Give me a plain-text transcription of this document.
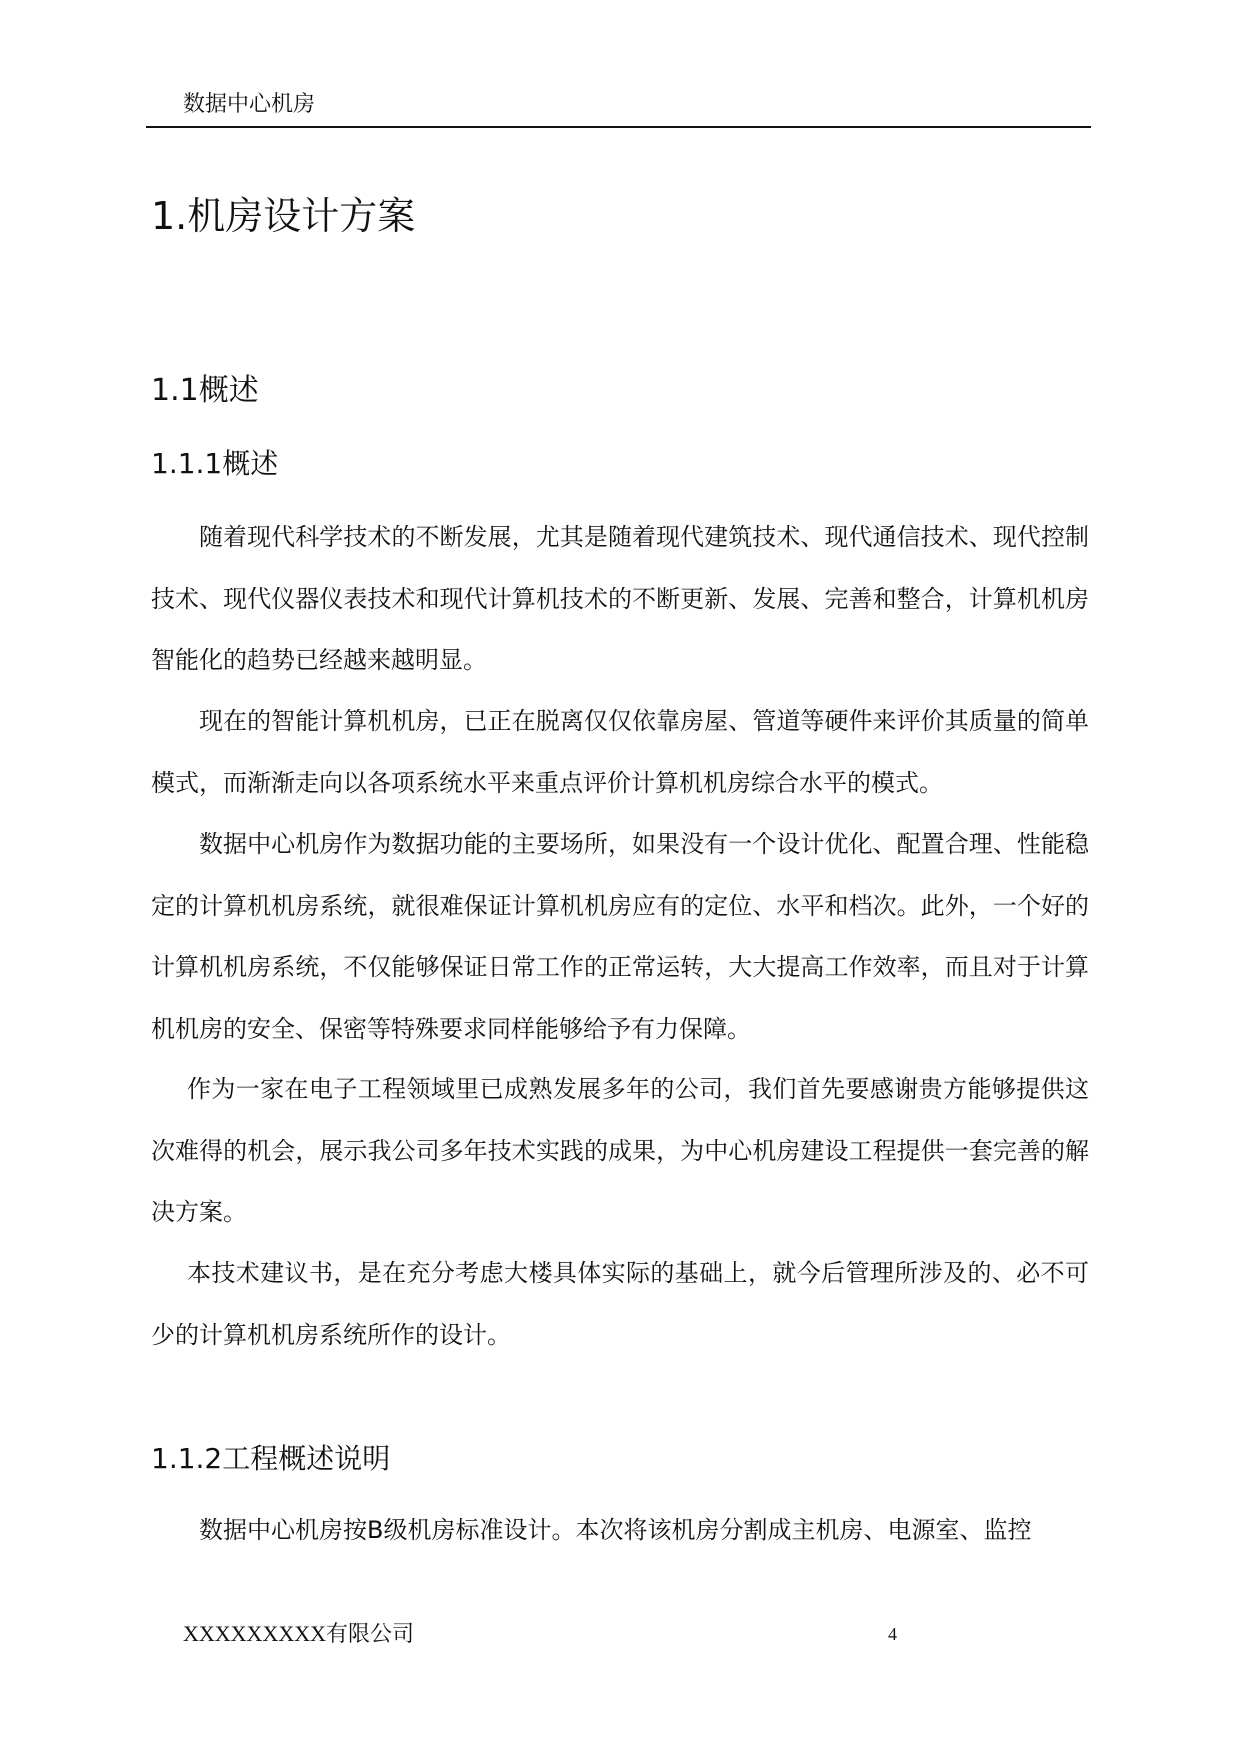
数据中心机房
1.机房设计方案
1.1概述
1.1.1概述

随着现代科学技术的不断发展，尤其是随着现代建筑技术、现代通信技术、现代控制技术、现代仪器仪表技术和现代计算机技术的不断更新、发展、完善和整合，计算机机房智能化的趋势已经越来越明显。

现在的智能计算机机房，已正在脱离仅仅依靠房屋、管道等硬件来评价其质量的简单模式，而渐渐走向以各项系统水平来重点评价计算机机房综合水平的模式。

数据中心机房作为数据功能的主要场所，如果没有一个设计优化、配置合理、性能稳定的计算机机房系统，就很难保证计算机机房应有的定位、水平和档次。此外，一个好的计算机机房系统，不仅能够保证日常工作的正常运转，大大提高工作效率，而且对于计算机机房的安全、保密等特殊要求同样能够给予有力保障。

作为一家在电子工程领域里已成熟发展多年的公司，我们首先要感谢贵方能够提供这次难得的机会，展示我公司多年技术实践的成果，为中心机房建设工程提供一套完善的解决方案。

本技术建议书，是在充分考虑大楼具体实际的基础上，就今后管理所涉及的、必不可少的计算机机房系统所作的设计。

1.1.2工程概述说明

数据中心机房按B级机房标准设计。本次将该机房分割成主机房、电源室、监控

XXXXXXXXX有限公司	4
